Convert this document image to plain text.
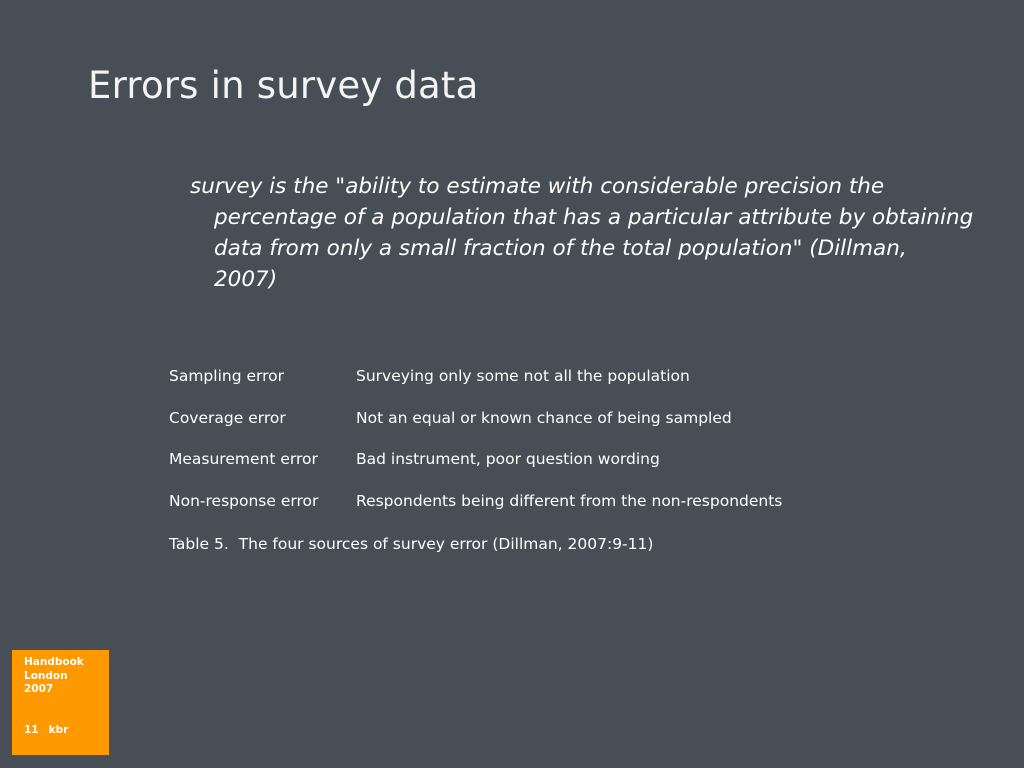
Errors in survey data

survey is the "ability to estimate with considerable precision the percentage of a population that has a particular attribute by obtaining data from only a small fraction of the total population" (Dillman, 2007)

Sampling error	Surveying only some not all the population
Coverage error	Not an equal or known chance of being sampled
Measurement error	Bad instrument, poor question wording
Non-response error	Respondents being different from the non-respondents
Table 5.  The four sources of survey error (Dillman, 2007:9-11)
Handbook
London
2007
11 kbr
